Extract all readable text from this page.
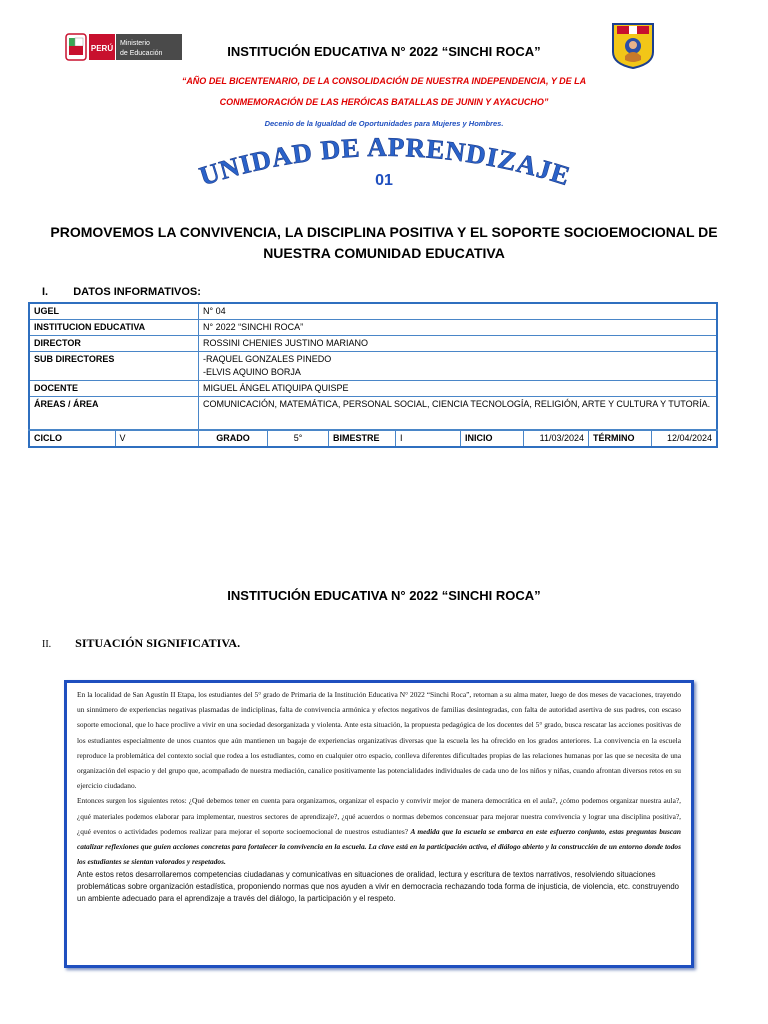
PERÚ
Ministerio
de Educación	INSTITUCIÓN EDUCATIVA N° 2022 “SINCHI ROCA”
“AÑO DEL BICENTENARIO, DE LA CONSOLIDACIÓN DE NUESTRA INDEPENDENCIA, Y DE LA
CONMEMORACIÓN DE LAS HERÓICAS BATALLAS DE JUNIN Y AYACUCHO”
Decenio de la Igualdad de Oportunidades para Mujeres y Hombres.
UNIDAD DE APRENDIZAJE
01
PROMOVEMOS LA CONVIVENCIA, LA DISCIPLINA POSITIVA Y EL SOPORTE SOCIOEMOCIONAL DE
NUESTRA COMUNIDAD EDUCATIVA
I. DATOS INFORMATIVOS:
UGEL		N° 04							
INSTITUCION EDUCATIVA		N° 2022 “SINCHI ROCA”							
DIRECTOR		ROSSINI CHENIES JUSTINO MARIANO							
SUB DIRECTORES		-RAQUEL GONZALES PINEDO
-ELVIS AQUINO BORJA							

DOCENTE		MIGUEL ÁNGEL ATIQUIPA QUISPE							
ÁREAS / ÁREA		COMUNICACIÓN, MATEMÁTICA, PERSONAL SOCIAL, CIENCIA TECNOLOGÍA, RELIGIÓN, ARTE Y CULTURA Y TUTORÍA.							
CICLO	V	GRADO	5°	BIMESTRE	I	INICIO	11/03/2024	TÉRMINO	12/04/2024
INSTITUCIÓN EDUCATIVA N° 2022 “SINCHI ROCA”
II. SITUACIÓN SIGNIFICATIVA.
En la localidad de San Agustín II Etapa, los estudiantes del 5° grado de Primaria de la Institución Educativa N° 2022 “Sinchi Roca”, retornan a su alma mater, luego de dos meses de vacaciones, trayendo un sinnúmero de experiencias negativas plasmadas de indiciplinas, falta de convivencia armónica y efectos negativos de familias desintegradas, con falta de autoridad asertiva de sus padres, con escaso soporte emocional, que lo hace proclive a vivir en una sociedad desorganizada y violenta. Ante esta situación, la propuesta pedagógica de los docentes del 5° grado, busca rescatar las acciones positivas de los estudiantes especialmente de unos cuantos que aún mantienen un bagaje de experiencias organizativas diversas que la escuela les ha ofrecido en los grados anteriores. La convivencia en la escuela reproduce la problemática del contexto social que rodea a los estudiantes, como en cualquier otro espacio, conlleva diferentes dificultades propias de las relaciones humanas por las que se necesita de una organización del espacio y del grupo que, acompañado de nuestra mediación, canalice positivamente las potencialidades individuales de cada uno de los niños y niñas, cuando afrontan diversos retos en su ejercicio ciudadano.
Entonces surgen los siguientes retos: ¿Qué debemos tener en cuenta para organizarnos, organizar el espacio y convivir mejor de manera democrática en el aula?, ¿cómo podemos organizar nuestra aula?, ¿qué materiales podemos elaborar para implementar, nuestros sectores de aprendizaje?, ¿qué acuerdos o normas debemos concensuar para mejorar nuestra convivencia y lograr una disciplina positiva?, ¿qué eventos o actividades podemos realizar para mejorar el soporte socioemocional de nuestros estudiantes? A medida que la escuela se embarca en este esfuerzo conjunto, estas preguntas buscan catalizar reflexiones que guíen acciones concretas para fortalecer la convivencia en la escuela. La clave está en la participación activa, el diálogo abierto y la construcción de un entorno donde todos los estudiantes se sientan valorados y respetados.
Ante estos retos desarrollaremos competencias ciudadanas y comunicativas en situaciones de oralidad, lectura y escritura de textos narrativos, resolviendo situaciones problemáticas sobre organización estadística, proponiendo normas que nos ayuden a vivir en democracia rechazando toda forma de injusticia, de violencia, etc. construyendo un ambiente adecuado para el aprendizaje a través del diálogo, la participación y el respeto.
